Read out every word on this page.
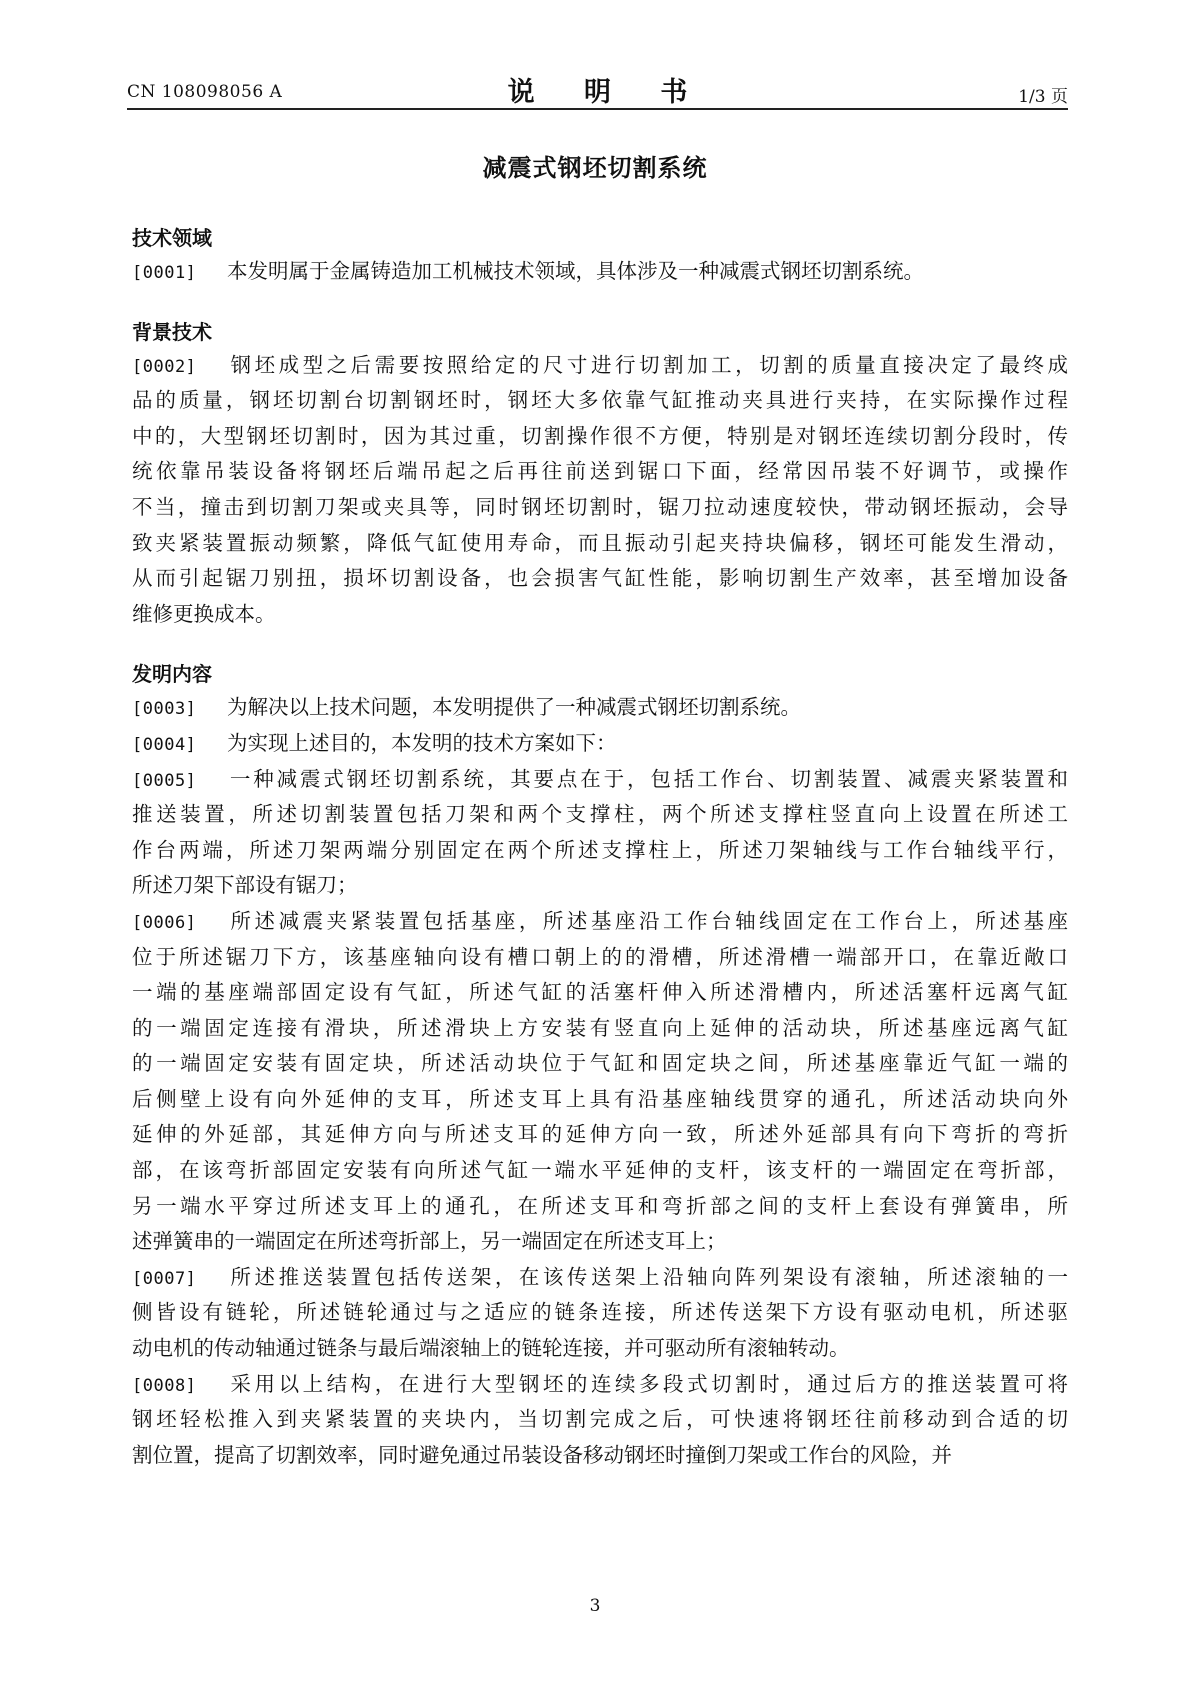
CN 108098056 A	说 明 书	1/3 页
减震式钢坯切割系统
技术领域
[0001] 本发明属于金属铸造加工机械技术领域，具体涉及一种减震式钢坯切割系统。
背景技术
[0002] 钢坯成型之后需要按照给定的尺寸进行切割加工，切割的质量直接决定了最终成
品的质量，钢坯切割台切割钢坯时，钢坯大多依靠气缸推动夹具进行夹持，在实际操作过程
中的，大型钢坯切割时，因为其过重，切割操作很不方便，特别是对钢坯连续切割分段时，传
统依靠吊装设备将钢坯后端吊起之后再往前送到锯口下面，经常因吊装不好调节，或操作
不当，撞击到切割刀架或夹具等，同时钢坯切割时，锯刀拉动速度较快，带动钢坯振动，会导
致夹紧装置振动频繁，降低气缸使用寿命，而且振动引起夹持块偏移，钢坯可能发生滑动，
从而引起锯刀别扭，损坏切割设备，也会损害气缸性能，影响切割生产效率，甚至增加设备
维修更换成本。
发明内容
[0003] 为解决以上技术问题，本发明提供了一种减震式钢坯切割系统。
[0004] 为实现上述目的，本发明的技术方案如下：
[0005] 一种减震式钢坯切割系统，其要点在于，包括工作台、切割装置、减震夹紧装置和
推送装置，所述切割装置包括刀架和两个支撑柱，两个所述支撑柱竖直向上设置在所述工
作台两端，所述刀架两端分别固定在两个所述支撑柱上，所述刀架轴线与工作台轴线平行，
所述刀架下部设有锯刀；
[0006] 所述减震夹紧装置包括基座，所述基座沿工作台轴线固定在工作台上，所述基座
位于所述锯刀下方，该基座轴向设有槽口朝上的的滑槽，所述滑槽一端部开口，在靠近敞口
一端的基座端部固定设有气缸，所述气缸的活塞杆伸入所述滑槽内，所述活塞杆远离气缸
的一端固定连接有滑块，所述滑块上方安装有竖直向上延伸的活动块，所述基座远离气缸
的一端固定安装有固定块，所述活动块位于气缸和固定块之间，所述基座靠近气缸一端的
后侧壁上设有向外延伸的支耳，所述支耳上具有沿基座轴线贯穿的通孔，所述活动块向外
延伸的外延部，其延伸方向与所述支耳的延伸方向一致，所述外延部具有向下弯折的弯折
部，在该弯折部固定安装有向所述气缸一端水平延伸的支杆，该支杆的一端固定在弯折部，
另一端水平穿过所述支耳上的通孔，在所述支耳和弯折部之间的支杆上套设有弹簧串，所
述弹簧串的一端固定在所述弯折部上，另一端固定在所述支耳上；
[0007] 所述推送装置包括传送架，在该传送架上沿轴向阵列架设有滚轴，所述滚轴的一
侧皆设有链轮，所述链轮通过与之适应的链条连接，所述传送架下方设有驱动电机，所述驱
动电机的传动轴通过链条与最后端滚轴上的链轮连接，并可驱动所有滚轴转动。
[0008] 采用以上结构，在进行大型钢坯的连续多段式切割时，通过后方的推送装置可将
钢坯轻松推入到夹紧装置的夹块内，当切割完成之后，可快速将钢坯往前移动到合适的切
割位置，提高了切割效率，同时避免通过吊装设备移动钢坯时撞倒刀架或工作台的风险，并
3
